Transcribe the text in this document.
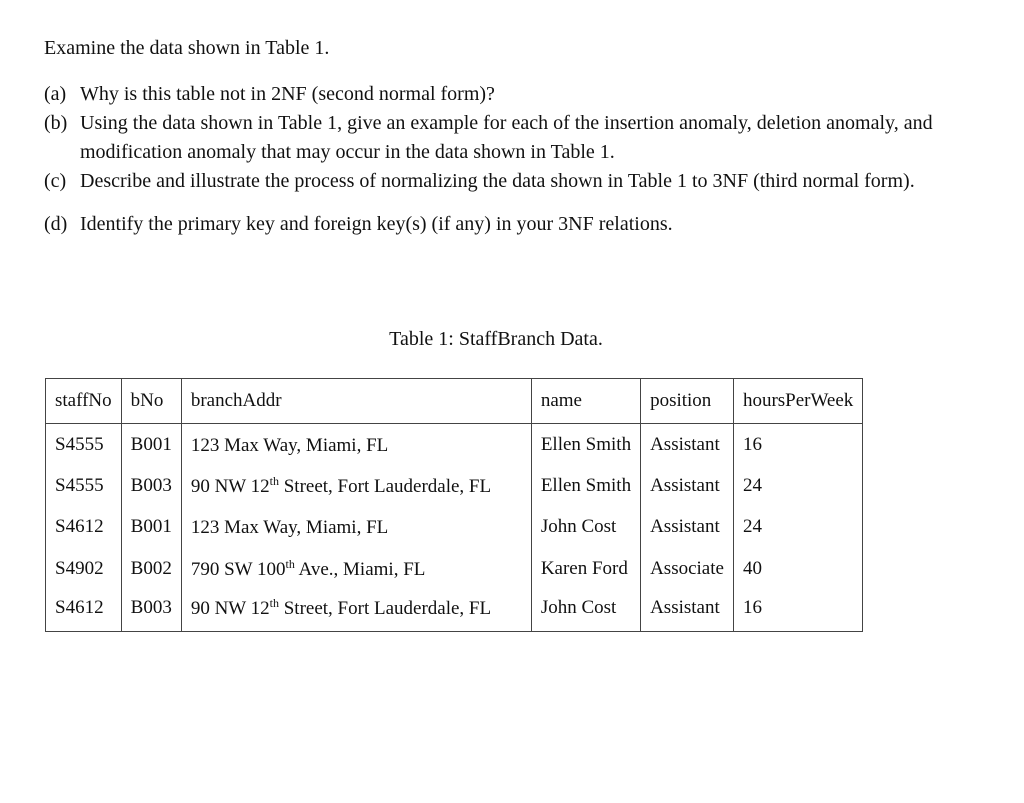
Examine the data shown in Table 1.

(a) Why is this table not in 2NF (second normal form)?
(b) Using the data shown in Table 1, give an example for each of the insertion anomaly, deletion anomaly, and modification anomaly that may occur in the data shown in Table 1.
(c) Describe and illustrate the process of normalizing the data shown in Table 1 to 3NF (third normal form).
(d) Identify the primary key and foreign key(s) (if any) in your 3NF relations.
Table 1: StaffBranch Data.
staffNo	bNo	branchAddr	name	position	hoursPerWeek
S4555	B001	123 Max Way, Miami, FL	Ellen Smith	Assistant	16
S4555	B003	90 NW 12th Street, Fort Lauderdale, FL	Ellen Smith	Assistant	24
S4612	B001	123 Max Way, Miami, FL	John Cost	Assistant	24
S4902	B002	790 SW 100th Ave., Miami, FL	Karen Ford	Associate	40
S4612	B003	90 NW 12th Street, Fort Lauderdale, FL	John Cost	Assistant	16
